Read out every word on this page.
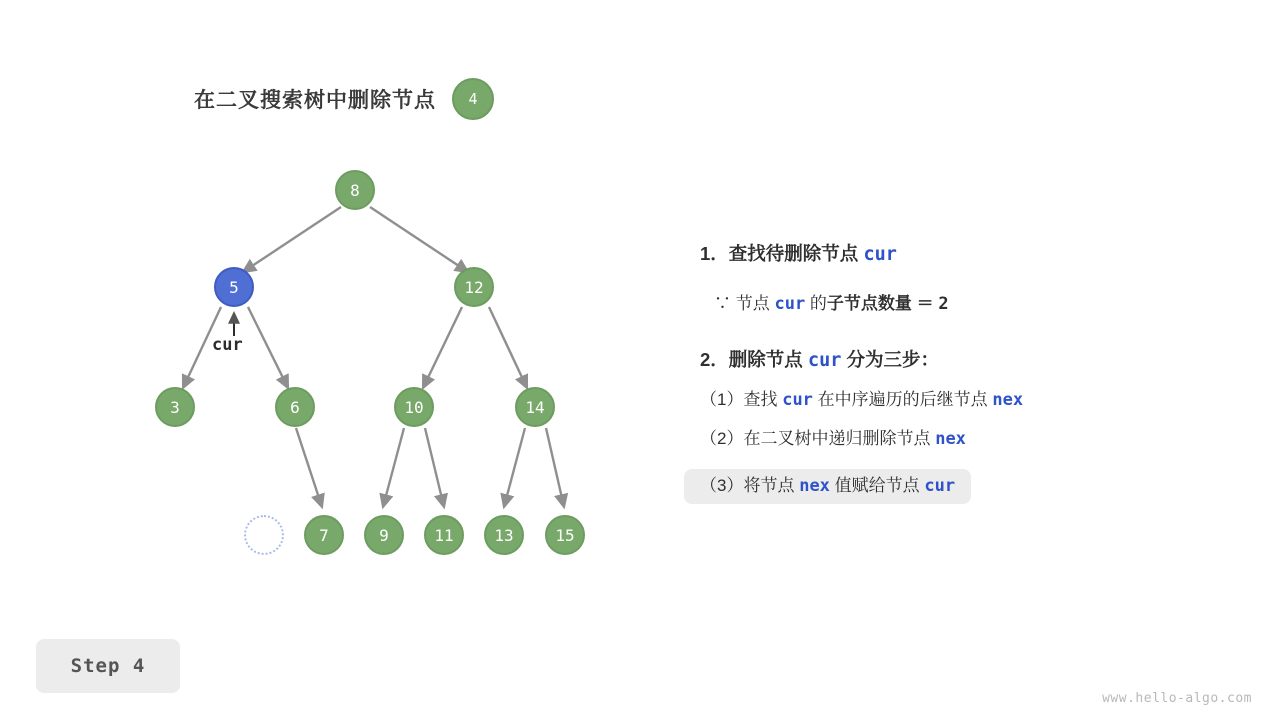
在二叉搜索树中删除节点	4
8
5	12
3	6	10	14
7	9	11	13	15
cur
1．查找待删除节点 cur
∵ 节点 cur 的子节点数量 ＝ 2
2．删除节点 cur 分为三步：
（1）查找 cur 在中序遍历的后继节点 nex
（2）在二叉树中递归删除节点 nex
（3）将节点 nex 值赋给节点 cur
Step 4
www.hello-algo.com
